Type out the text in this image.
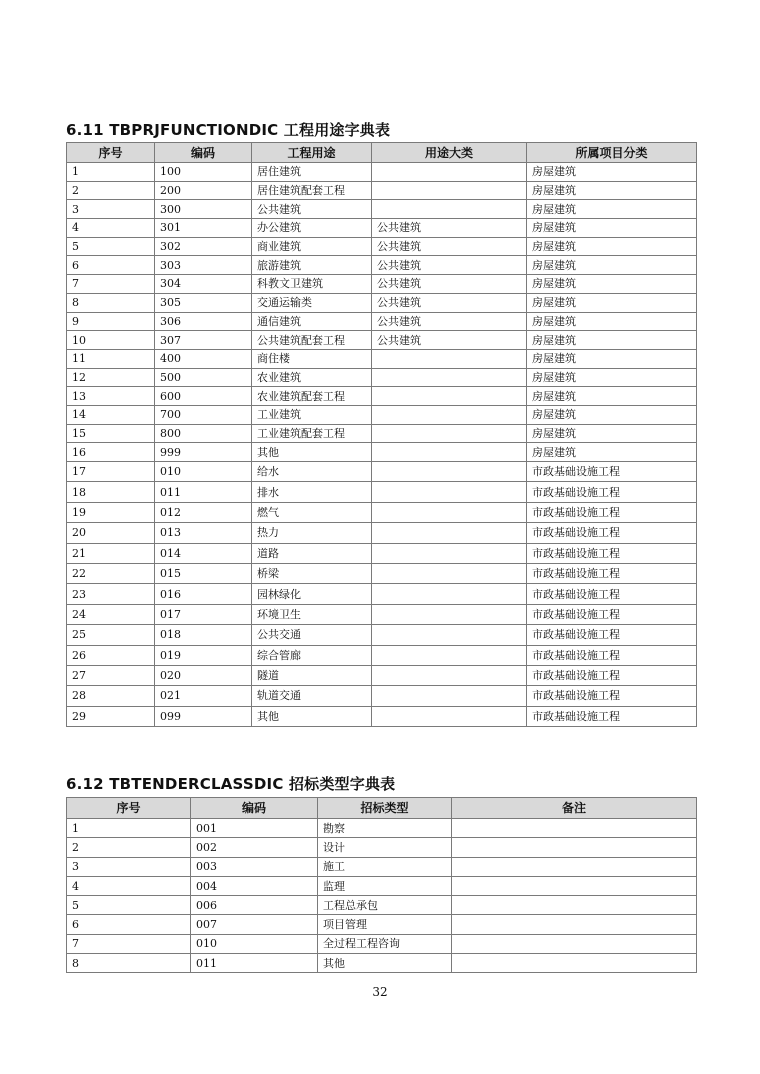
6.11 TBPRJFUNCTIONDIC 工程用途字典表
序号	编码	工程用途	用途大类	所属项目分类
1	100	居住建筑		房屋建筑
2	200	居住建筑配套工程		房屋建筑
3	300	公共建筑		房屋建筑
4	301	办公建筑	公共建筑	房屋建筑
5	302	商业建筑	公共建筑	房屋建筑
6	303	旅游建筑	公共建筑	房屋建筑
7	304	科教文卫建筑	公共建筑	房屋建筑
8	305	交通运输类	公共建筑	房屋建筑
9	306	通信建筑	公共建筑	房屋建筑
10	307	公共建筑配套工程	公共建筑	房屋建筑
11	400	商住楼		房屋建筑
12	500	农业建筑		房屋建筑
13	600	农业建筑配套工程		房屋建筑
14	700	工业建筑		房屋建筑
15	800	工业建筑配套工程		房屋建筑
16	999	其他		房屋建筑
17	010	给水		市政基础设施工程
18	011	排水		市政基础设施工程
19	012	燃气		市政基础设施工程
20	013	热力		市政基础设施工程
21	014	道路		市政基础设施工程
22	015	桥梁		市政基础设施工程
23	016	园林绿化		市政基础设施工程
24	017	环境卫生		市政基础设施工程
25	018	公共交通		市政基础设施工程
26	019	综合管廊		市政基础设施工程
27	020	隧道		市政基础设施工程
28	021	轨道交通		市政基础设施工程
29	099	其他		市政基础设施工程
6.12 TBTENDERCLASSDIC 招标类型字典表
序号	编码	招标类型	备注
1	001	勘察	
2	002	设计	
3	003	施工	
4	004	监理	
5	006	工程总承包	
6	007	项目管理	
7	010	全过程工程咨询	
8	011	其他	
32
